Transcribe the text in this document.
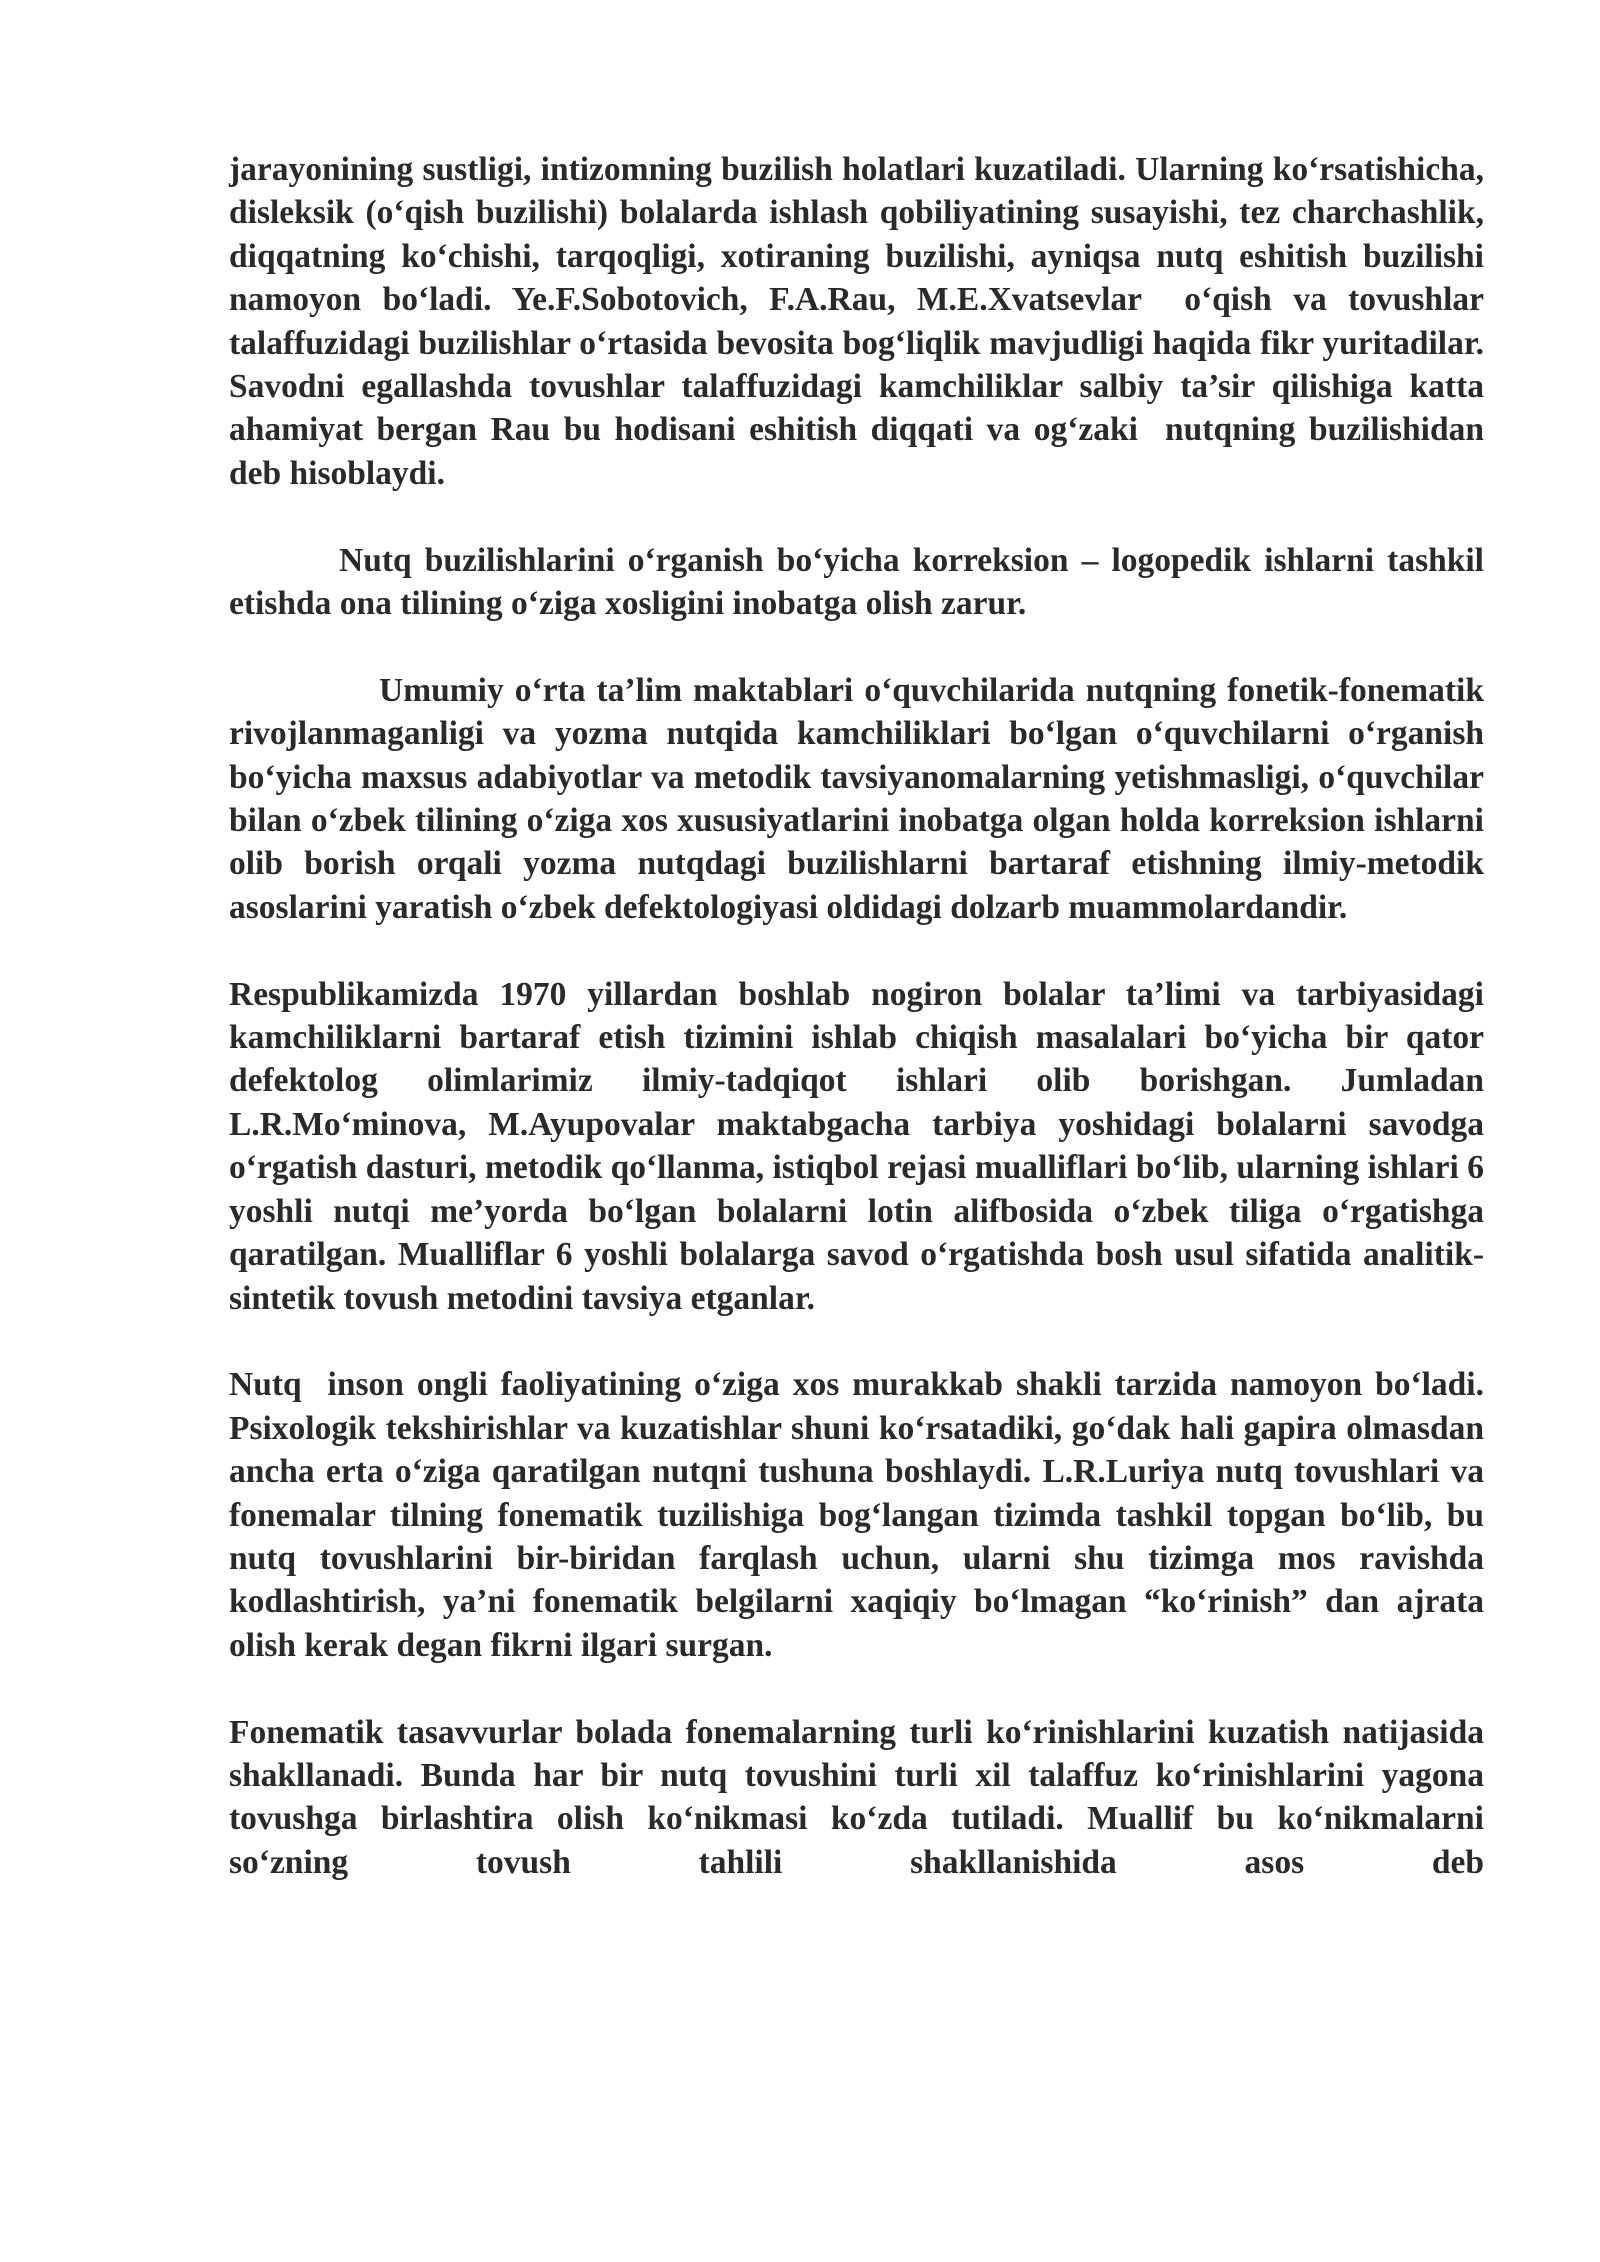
jarayonining sustligi, intizomning buzilish holatlari kuzatiladi. Ularning koʻrsatishicha, disleksik (oʻqish buzilishi) bolalarda ishlash qobiliyatining susayishi, tez charchashlik, diqqatning koʻchishi, tarqoqligi, xotiraning buzilishi, ayniqsa nutq eshitish buzilishi namoyon boʻladi. Ye.F.Sobotovich, F.A.Rau, M.E.Xvatsevlar  oʻqish va tovushlar talaffuzidagi buzilishlar oʻrtasida bevosita bogʻliqlik mavjudligi haqida fikr yuritadilar. Savodni egallashda tovushlar talaffuzidagi kamchiliklar salbiy ta’sir qilishiga katta ahamiyat bergan Rau bu hodisani eshitish diqqati va ogʻzaki  nutqning buzilishidan deb hisoblaydi.

Nutq buzilishlarini oʻrganish boʻyicha korreksion – logopedik ishlarni tashkil etishda ona tilining oʻziga xosligini inobatga olish zarur.

Umumiy oʻrta ta’lim maktablari oʻquvchilarida nutqning fonetik-fonematik rivojlanmaganligi va yozma nutqida kamchiliklari boʻlgan oʻquvchilarni oʻrganish boʻyicha maxsus adabiyotlar va metodik tavsiyanomalarning yetishmasligi, oʻquvchilar bilan oʻzbek tilining oʻziga xos xususiyatlarini inobatga olgan holda korreksion ishlarni olib borish orqali yozma nutqdagi buzilishlarni bartaraf etishning ilmiy-metodik asoslarini yaratish oʻzbek defektologiyasi oldidagi dolzarb muammolardandir.

Respublikamizda 1970 yillardan boshlab nogiron bolalar ta’limi va tarbiyasidagi kamchiliklarni bartaraf etish tizimini ishlab chiqish masalalari boʻyicha bir qator  defektolog olimlarimiz ilmiy-tadqiqot ishlari olib borishgan. Jumladan L.R.Moʻminova, M.Ayupovalar maktabgacha tarbiya yoshidagi bolalarni savodga oʻrgatish dasturi, metodik qoʻllanma, istiqbol rejasi mualliflari boʻlib, ularning ishlari 6 yoshli nutqi me’yorda boʻlgan bolalarni lotin alifbosida oʻzbek tiliga oʻrgatishga qaratilgan. Mualliflar 6 yoshli bolalarga savod oʻrgatishda bosh usul sifatida analitik-sintetik tovush metodini tavsiya etganlar.

Nutq  inson ongli faoliyatining oʻziga xos murakkab shakli tarzida namoyon boʻladi. Psixologik tekshirishlar va kuzatishlar shuni koʻrsatadiki, goʻdak hali gapira olmasdan ancha erta oʻziga qaratilgan nutqni tushuna boshlaydi. L.R.Luriya nutq tovushlari va fonemalar tilning fonematik tuzilishiga bogʻlangan tizimda tashkil topgan boʻlib, bu nutq tovushlarini bir-biridan farqlash uchun, ularni shu tizimga mos ravishda kodlashtirish, ya’ni fonematik belgilarni xaqiqiy boʻlmagan “koʻrinish” dan ajrata olish kerak degan fikrni ilgari surgan.

Fonematik tasavvurlar bolada fonemalarning turli koʻrinishlarini kuzatish natijasida shakllanadi. Bunda har bir nutq tovushini turli xil talaffuz koʻrinishlarini yagona tovushga birlashtira olish koʻnikmasi koʻzda tutiladi. Muallif bu koʻnikmalarni soʻzning tovush tahlili shakllanishida asos deb
